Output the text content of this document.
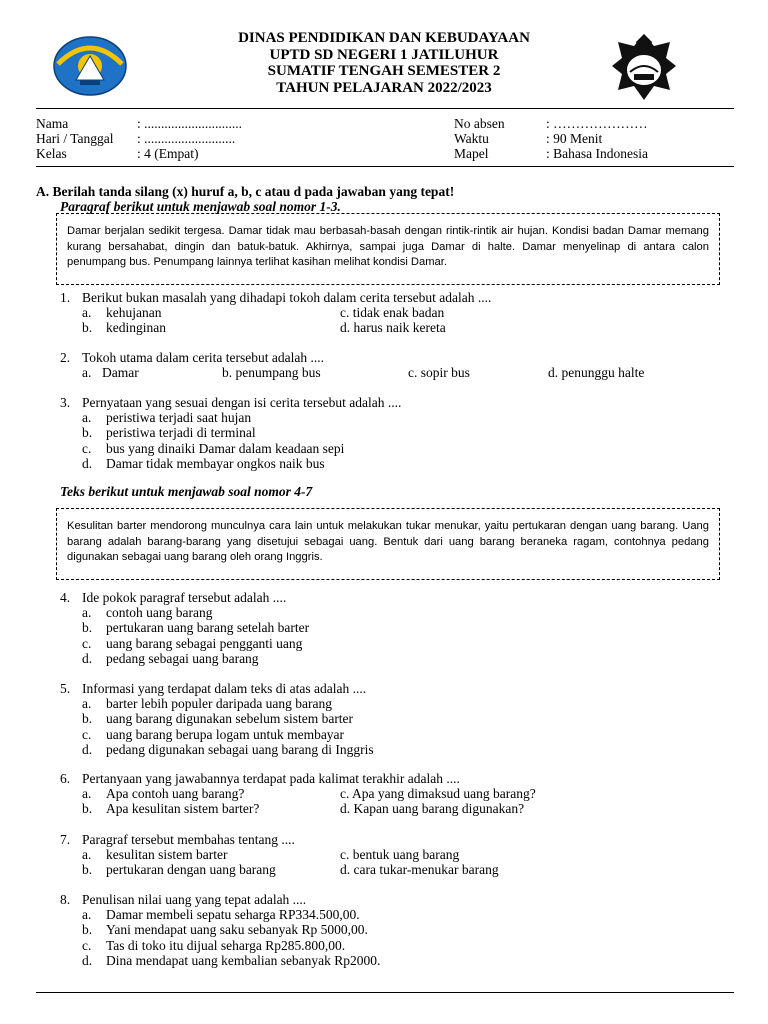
DINAS PENDIDIKAN DAN KEBUDAYAAN
UPTD SD NEGERI 1 JATILUHUR
SUMATIF TENGAH SEMESTER 2
TAHUN PELAJARAN 2022/2023
Nama	: .............................
Hari / Tanggal : ...........................
Kelas	: 4 (Empat)
No absen	: …………………
Waktu	: 90 Menit
Mapel	: Bahasa Indonesia
A. Berilah tanda silang (x) huruf a, b, c atau d pada jawaban yang tepat!
Paragraf berikut untuk menjawab soal nomor 1-3.

Damar berjalan sedikit tergesa. Damar tidak mau berbasah-basah dengan rintik-rintik air hujan. Kondisi badan Damar memang kurang bersahabat, dingin dan batuk-batuk. Akhirnya, sampai juga Damar di halte. Damar menyelinap di antara calon penumpang bus. Penumpang lainnya terlihat kasihan melihat kondisi Damar.

1. Berikut bukan masalah yang dihadapi tokoh dalam cerita tersebut adalah ....
a. kehujanan
b. kedinginan
c. tidak enak badan
d. harus naik kereta
2. Tokoh utama dalam cerita tersebut adalah ....
a. Damar	b. penumpang bus	c. sopir bus	d. penunggu halte
3. Pernyataan yang sesuai dengan isi cerita tersebut adalah ....
a. peristiwa terjadi saat hujan
b. peristiwa terjadi di terminal
c. bus yang dinaiki Damar dalam keadaan sepi
d. Damar tidak membayar ongkos naik bus
Teks berikut untuk menjawab soal nomor 4-7

Kesulitan barter mendorong munculnya cara lain untuk melakukan tukar menukar, yaitu pertukaran dengan uang barang. Uang barang adalah barang-barang yang disetujui sebagai uang. Bentuk dari uang barang beraneka ragam, contohnya pedang digunakan sebagai uang barang oleh orang Inggris.

4. Ide pokok paragraf tersebut adalah ....
a. contoh uang barang
b. pertukaran uang barang setelah barter
c. uang barang sebagai pengganti uang
d. pedang sebagai uang barang
5. Informasi yang terdapat dalam teks di atas adalah ....
a. barter lebih populer daripada uang barang
b. uang barang digunakan sebelum sistem barter
c. uang barang berupa logam untuk membayar
d. pedang digunakan sebagai uang barang di Inggris
6. Pertanyaan yang jawabannya terdapat pada kalimat terakhir adalah ....
a. Apa contoh uang barang?
b. Apa kesulitan sistem barter?
c. Apa yang dimaksud uang barang?
d. Kapan uang barang digunakan?
7. Paragraf tersebut membahas tentang ....
a. kesulitan sistem barter
b. pertukaran dengan uang barang
c. bentuk uang barang
d. cara tukar-menukar barang
8. Penulisan nilai uang yang tepat adalah ....
a. Damar membeli sepatu seharga RP334.500,00.
b. Yani mendapat uang saku sebanyak Rp 5000,00.
c. Tas di toko itu dijual seharga Rp285.800,00.
d. Dina mendapat uang kembalian sebanyak Rp2000.
